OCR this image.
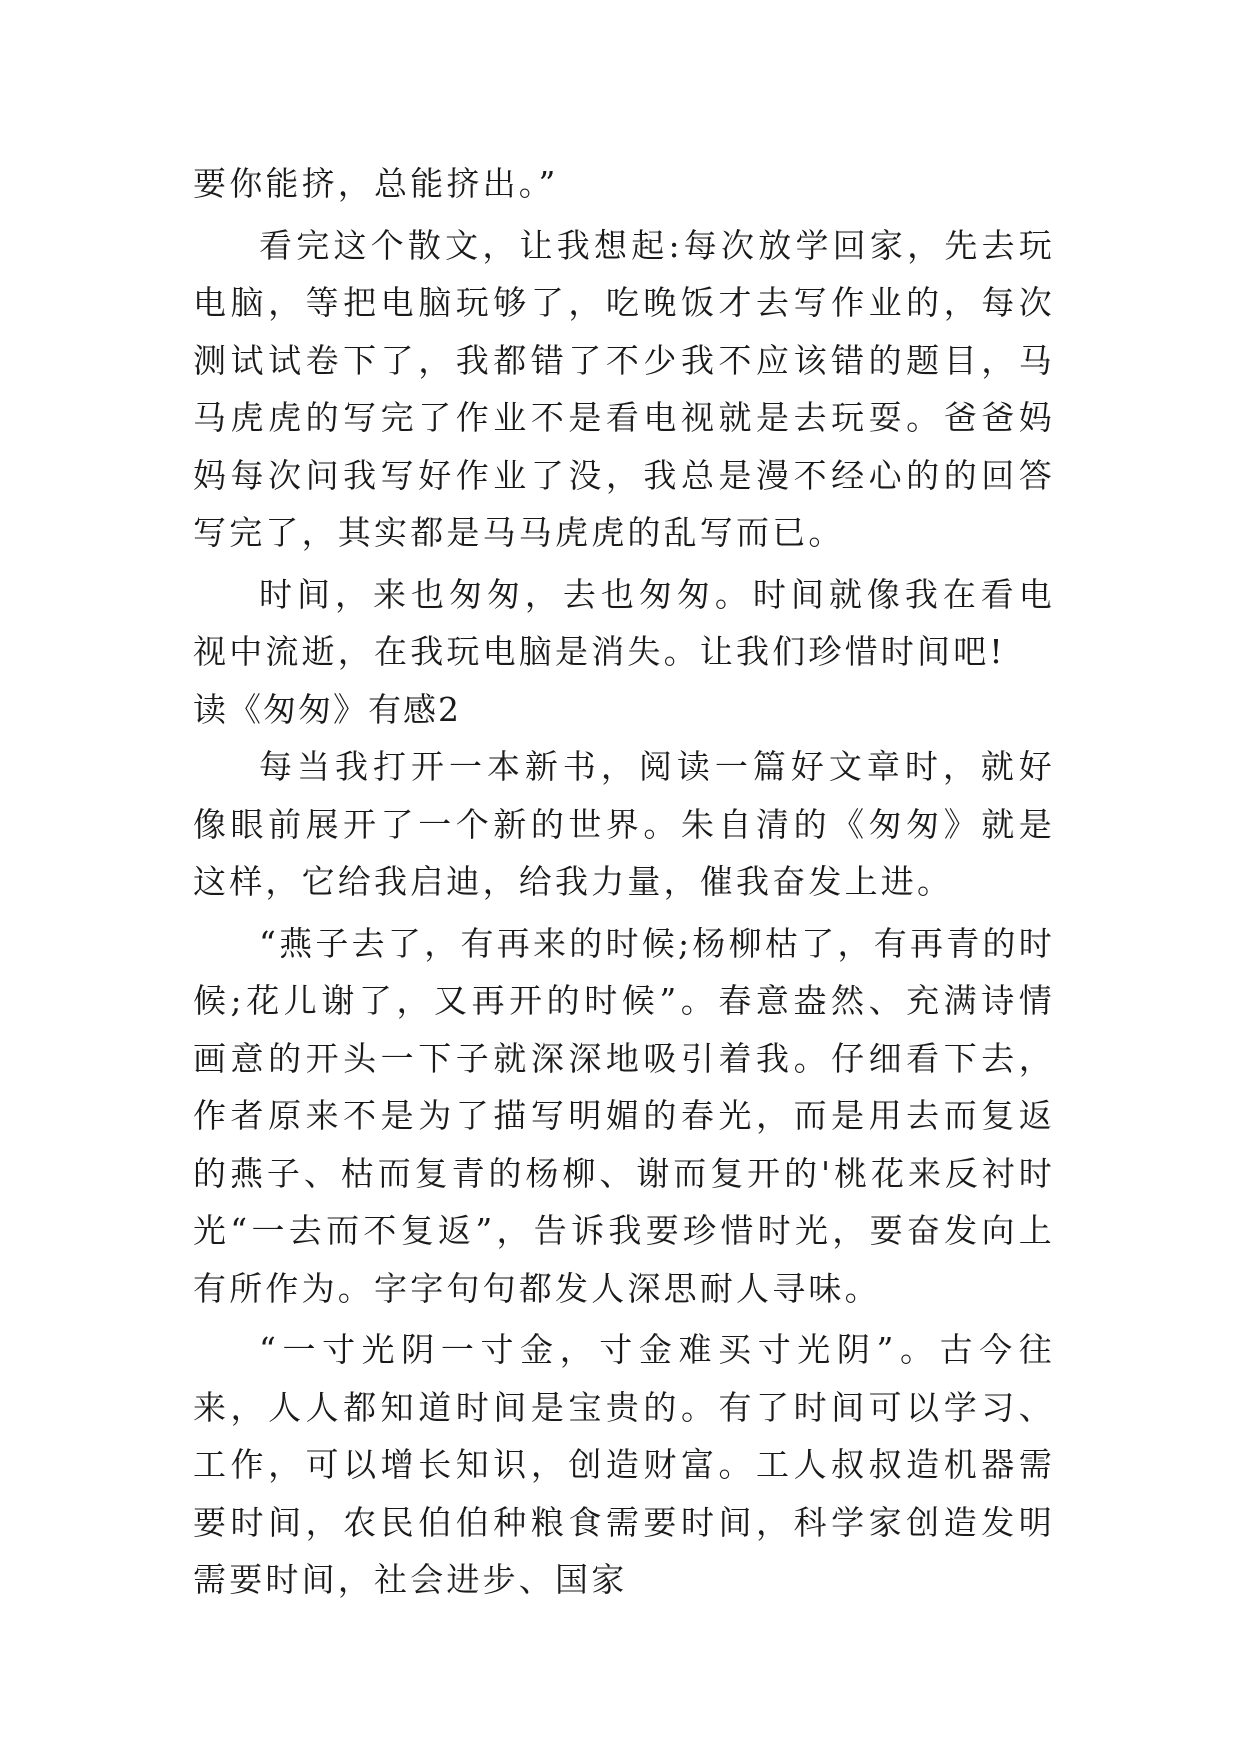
要你能挤，总能挤出。”

看完这个散文，让我想起:每次放学回家，先去玩电脑，等把电脑玩够了，吃晚饭才去写作业的，每次测试试卷下了，我都错了不少我不应该错的题目，马马虎虎的写完了作业不是看电视就是去玩耍。爸爸妈妈每次问我写好作业了没，我总是漫不经心的的回答写完了，其实都是马马虎虎的乱写而已。

时间，来也匆匆，去也匆匆。时间就像我在看电视中流逝，在我玩电脑是消失。让我们珍惜时间吧!

读《匆匆》有感2

每当我打开一本新书，阅读一篇好文章时，就好像眼前展开了一个新的世界。朱自清的《匆匆》就是这样，它给我启迪，给我力量，催我奋发上进。

“燕子去了，有再来的时候;杨柳枯了，有再青的时候;花儿谢了，又再开的时候”。春意盎然、充满诗情画意的开头一下子就深深地吸引着我。仔细看下去，作者原来不是为了描写明媚的春光，而是用去而复返的燕子、枯而复青的杨柳、谢而复开的'桃花来反衬时光“一去而不复返”，告诉我要珍惜时光，要奋发向上有所作为。字字句句都发人深思耐人寻味。

“一寸光阴一寸金，寸金难买寸光阴”。古今往来，人人都知道时间是宝贵的。有了时间可以学习、工作，可以增长知识，创造财富。工人叔叔造机器需要时间，农民伯伯种粮食需要时间，科学家创造发明需要时间，社会进步、国家
